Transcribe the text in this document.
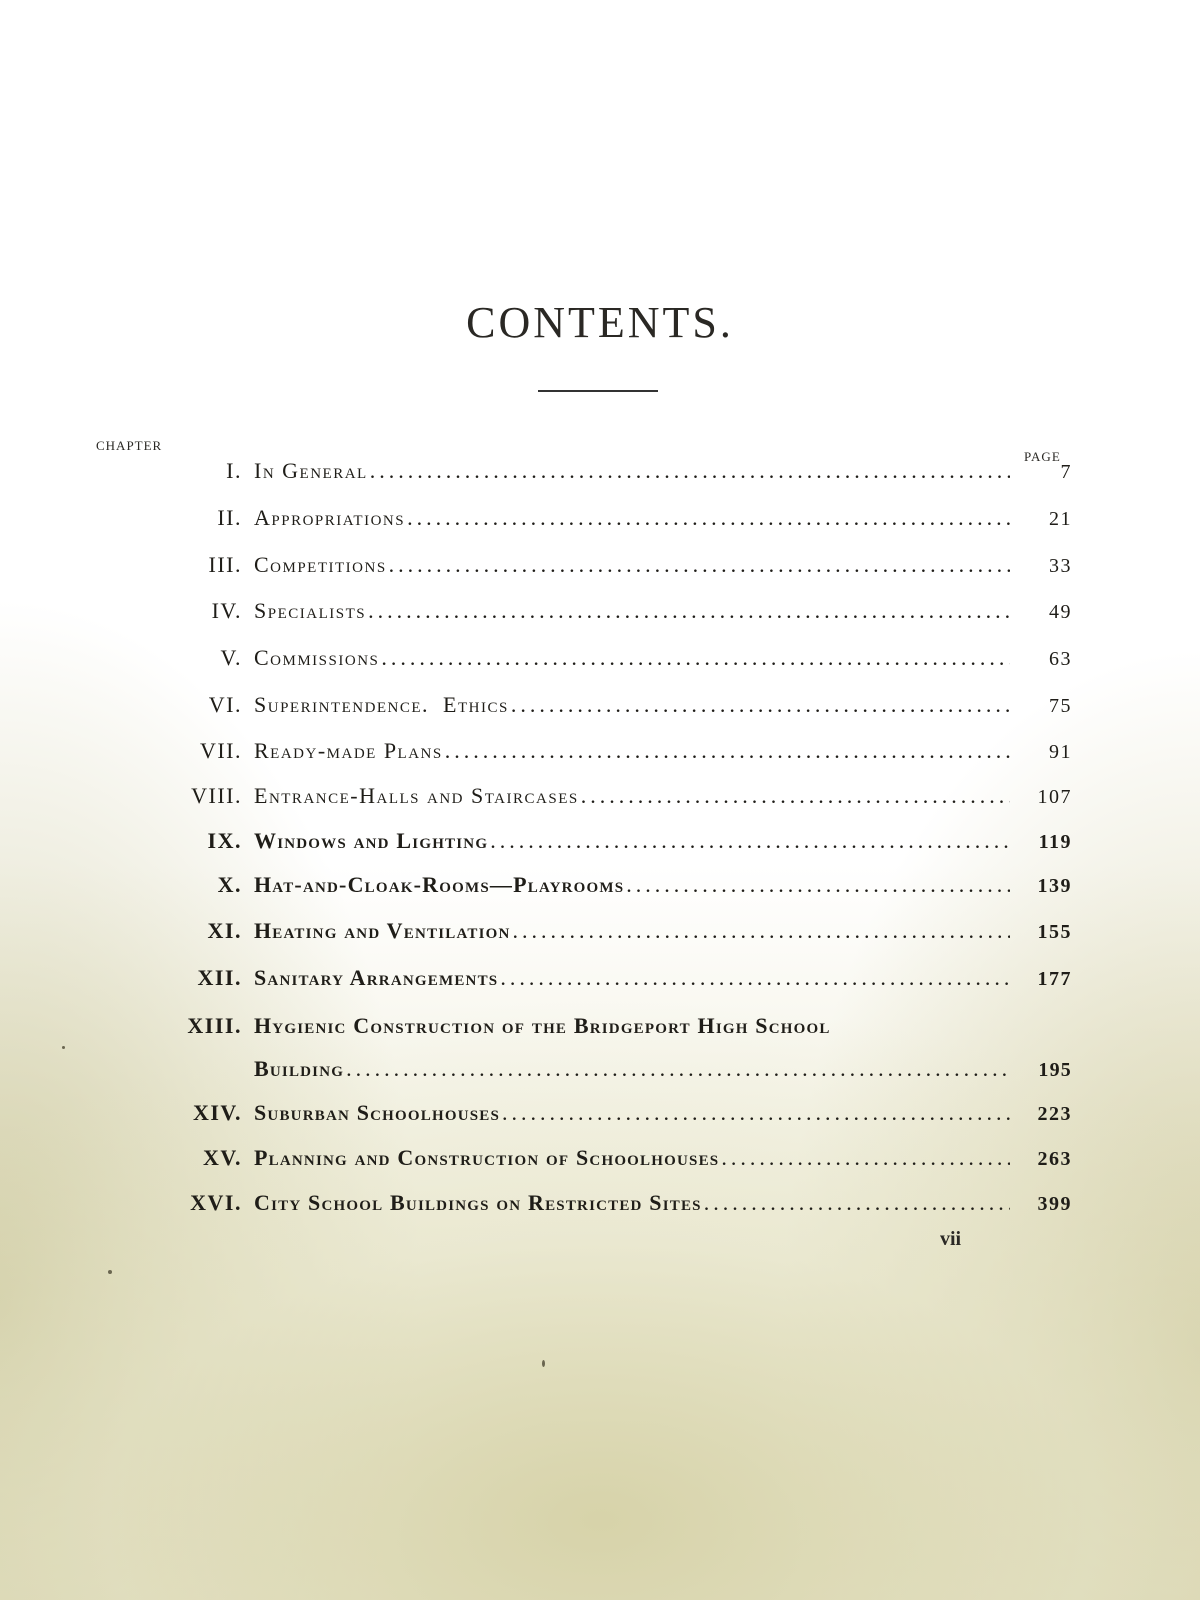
CONTENTS.
CHAPTER
PAGE
I. In General .....	7
II. Appropriations .....	21
III. Competitions .....	33
IV. Specialists .....	49
V. Commissions .....	63
VI. Superintendence.  Ethics .....	75
VII. Ready-made Plans .....	91
VIII. Entrance-Halls and Staircases .....	107
IX. Windows and Lighting .....	119
X. Hat-and-Cloak-Rooms—Playrooms .....	139
XI. Heating and Ventilation .....	155
XII. Sanitary Arrangements .....	177
XIII. Hygienic Construction of the Bridgeport High School
Building .....	195
XIV. Suburban Schoolhouses .....	223
XV. Planning and Construction of Schoolhouses .....	263
XVI. City School Buildings on Restricted Sites .....	399
vii
